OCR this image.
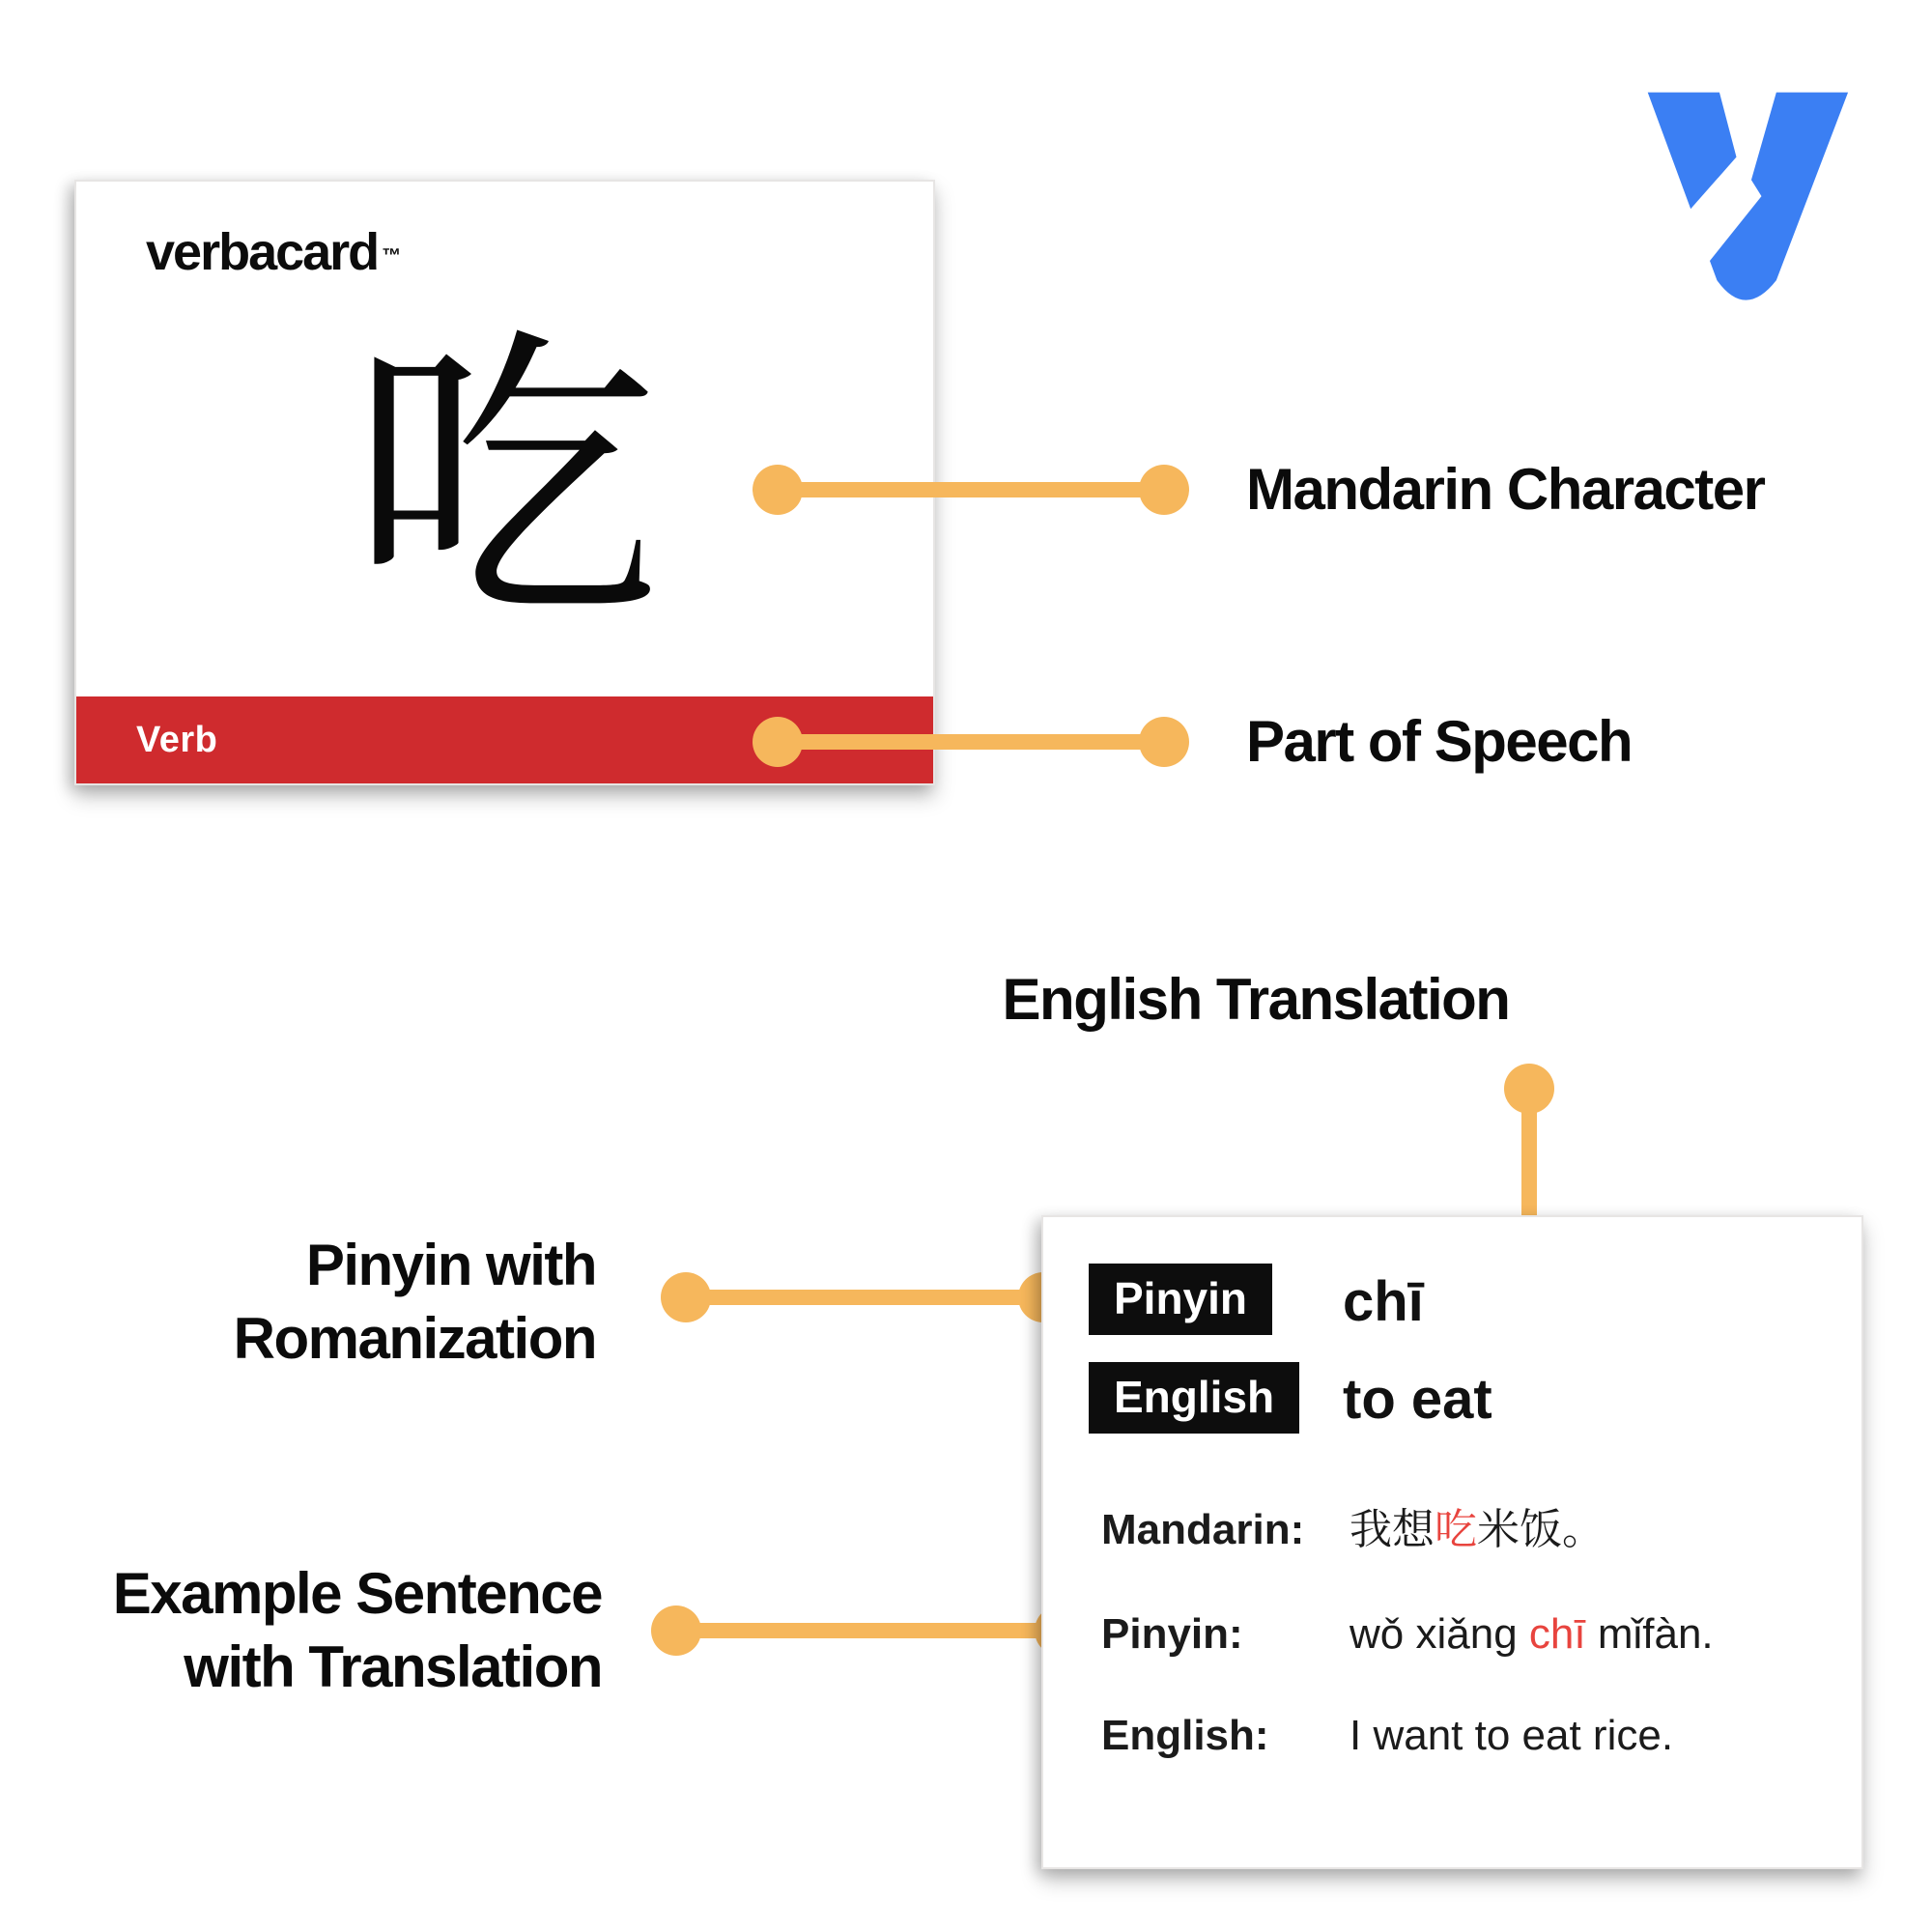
verbacard ™
吃
Verb
Mandarin Character
Part of Speech
English Translation
Pinyin with
Romanization
Example Sentence
with Translation
Pinyin	chī
English	to eat
Mandarin: 我想吃米饭。
Pinyin:	wǒ xiǎng chī mǐfàn.
English: I want to eat rice.
